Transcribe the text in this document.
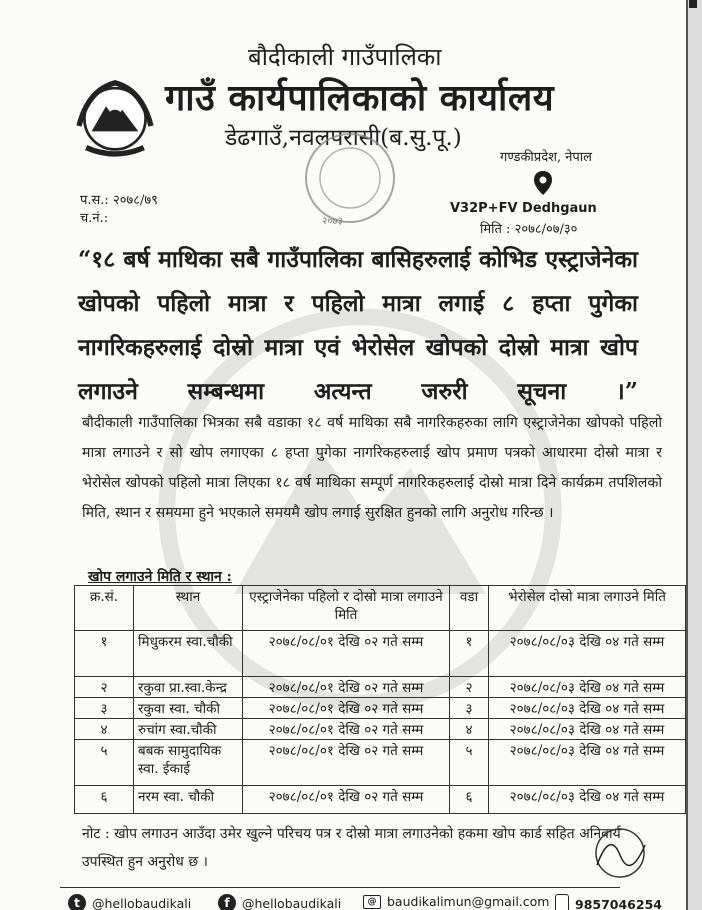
बौदीकाली गाउँपालिका
गाउँ कार्यपालिकाको कार्यालय
डेढगाउँ,नवलपरासी(ब.सु.पू.)
२०७३
गण्डकीप्रदेश, नेपाल
V32P+FV Dedhgaun
मिति : २०७८/०७/३०
प.स.: २०७८/७९
च.नं.:
“१८ बर्ष माथिका सबै गाउँपालिका बासिहरुलाई कोभिड एस्ट्राजेनेका खोपको पहिलो मात्रा र पहिलो मात्रा लगाई ८ हप्ता पुगेका नागरिकहरुलाई दोस्रो मात्रा एवं भेरोसेल खोपको दोस्रो मात्रा खोप लगाउने सम्बन्धमा अत्यन्त जरुरी सूचना ।”
बौदीकाली गाउँपालिका भित्रका सबै वडाका १८ वर्ष माथिका सबै नागरिकहरुका लागि एस्ट्राजेनेका खोपको पहिलो मात्रा लगाउने र सो खोप लगाएका ८ हप्ता पुगेका नागरिकहरुलाई खोप प्रमाण पत्रको आधारमा दोस्रो मात्रा र भेरोसेल खोपको पहिलो मात्रा लिएका १८ वर्ष माथिका सम्पूर्ण नागरिकहरुलाई दोस्रो मात्रा दिने कार्यक्रम तपशिलको मिति, स्थान र समयमा हुने भएकाले समयमै खोप लगाई सुरक्षित हुनको लागि अनुरोध गरिन्छ ।
खोप लगाउने मिति र स्थान :
क्र.सं.	स्थान	एस्ट्राजेनेका पहिलो र दोस्रो मात्रा लगाउने मिति	वडा	भेरोसेल दोस्रो मात्रा लगाउने मिति
१	मिधुकरम स्वा.चौकी	२०७८/०८/०१ देखि ०२ गते सम्म	१	२०७८/०८/०३ देखि ०४ गते सम्म
२	रकुवा प्रा.स्वा.केन्द्र	२०७८/०८/०१ देखि ०२ गते सम्म	२	२०७८/०८/०३ देखि ०४ गते सम्म
३	रकुवा स्वा. चौकी	२०७८/०८/०१ देखि ०२ गते सम्म	३	२०७८/०८/०३ देखि ०४ गते सम्म
४	रुचांग स्वा.चौकी	२०७८/०८/०१ देखि ०२ गते सम्म	४	२०७८/०८/०३ देखि ०४ गते सम्म
५	बबक सामुदायिक स्वा. ईकाई	२०७८/०८/०१ देखि ०२ गते सम्म	५	२०७८/०८/०३ देखि ०४ गते सम्म
६	नरम स्वा. चौकी	२०७८/०८/०१ देखि ०२ गते सम्म	६	२०७८/०८/०३ देखि ०४ गते सम्म
नोट : खोप लगाउन आउँदा उमेर खुल्ने परिचय पत्र र दोस्रो मात्रा लगाउनेको हकमा खोप कार्ड सहित अनिवार्य उपस्थित हुन अनुरोध छ ।
t @hellobaudikali	f @hellobaudikali	@ baudikalimun@gmail.com 9857046254
